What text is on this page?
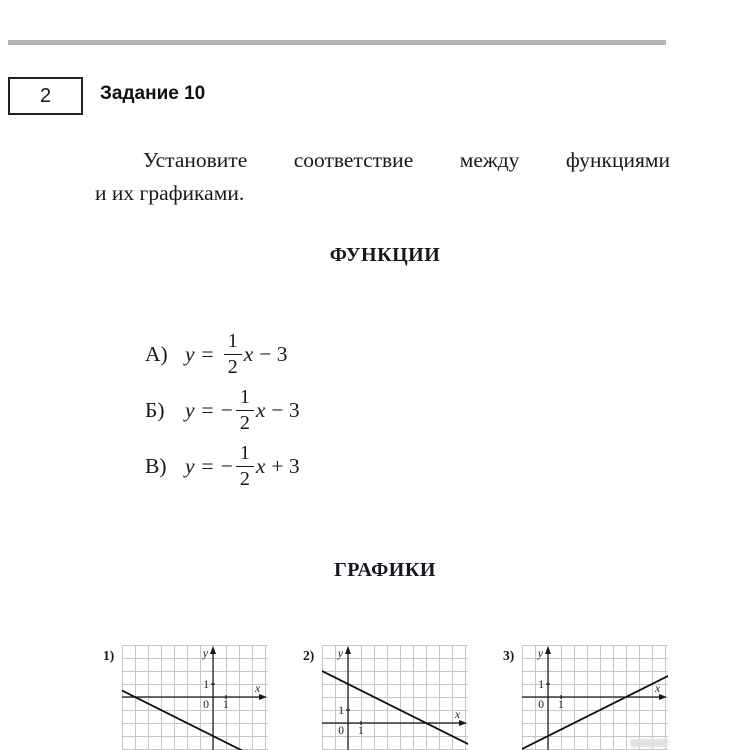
2	Задание 10

Установите соответствие между функциями
и их графиками.

ФУНКЦИИ
А) $y = \frac{1}{2}$ x − 3
Б) y = − $\frac{1}{2}$ x − 3
В) y = − $\frac{1}{2}$ x + 3
ГРАФИКИ
1)	y
x
1
0 1
2) y
x
1
0 1
3) y
x
1
0 1
